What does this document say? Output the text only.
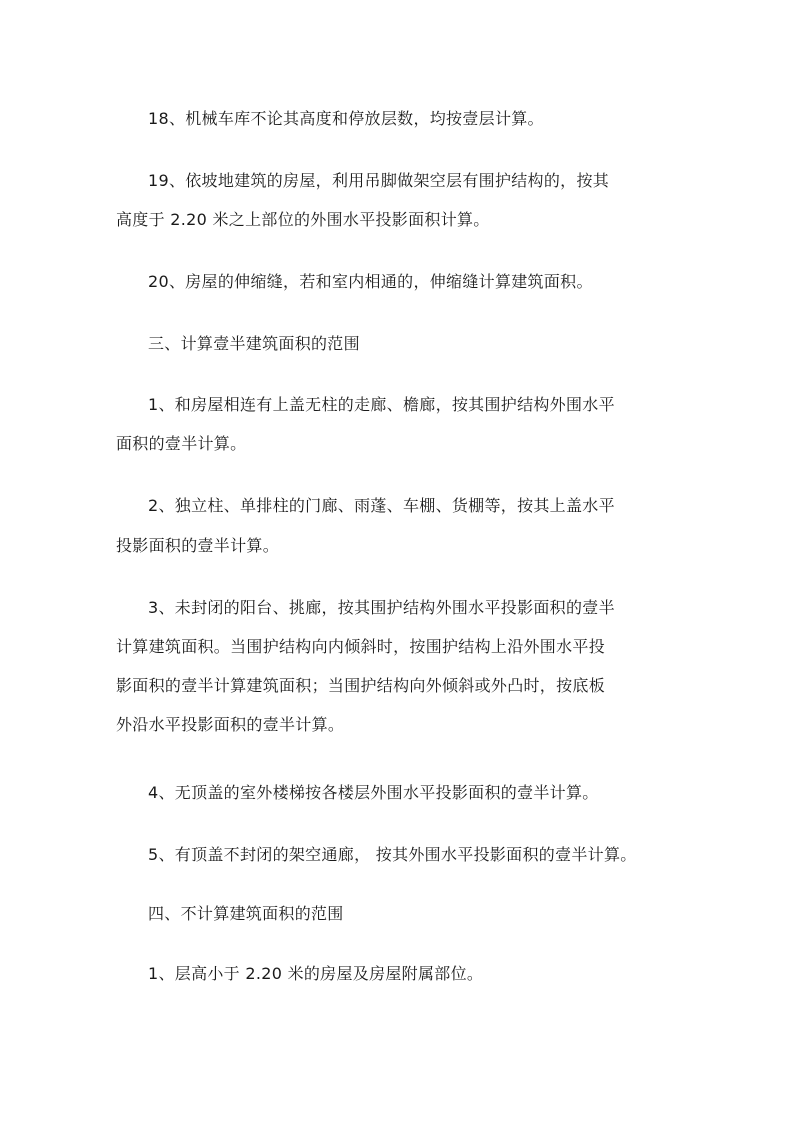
18、机械车库不论其高度和停放层数，均按壹层计算。
19、依坡地建筑的房屋，利用吊脚做架空层有围护结构的，按其
高度于 2.20 米之上部位的外围水平投影面积计算。
20、房屋的伸缩缝，若和室内相通的，伸缩缝计算建筑面积。
三、计算壹半建筑面积的范围
1、和房屋相连有上盖无柱的走廊、檐廊，按其围护结构外围水平
面积的壹半计算。
2、独立柱、单排柱的门廊、雨蓬、车棚、货棚等，按其上盖水平
投影面积的壹半计算。
3、未封闭的阳台、挑廊，按其围护结构外围水平投影面积的壹半
计算建筑面积。当围护结构向内倾斜时，按围护结构上沿外围水平投
影面积的壹半计算建筑面积；当围护结构向外倾斜或外凸时，按底板
外沿水平投影面积的壹半计算。
4、无顶盖的室外楼梯按各楼层外围水平投影面积的壹半计算。
5、有顶盖不封闭的架空通廊， 按其外围水平投影面积的壹半计算。
四、不计算建筑面积的范围
1、层高小于 2.20 米的房屋及房屋附属部位。
